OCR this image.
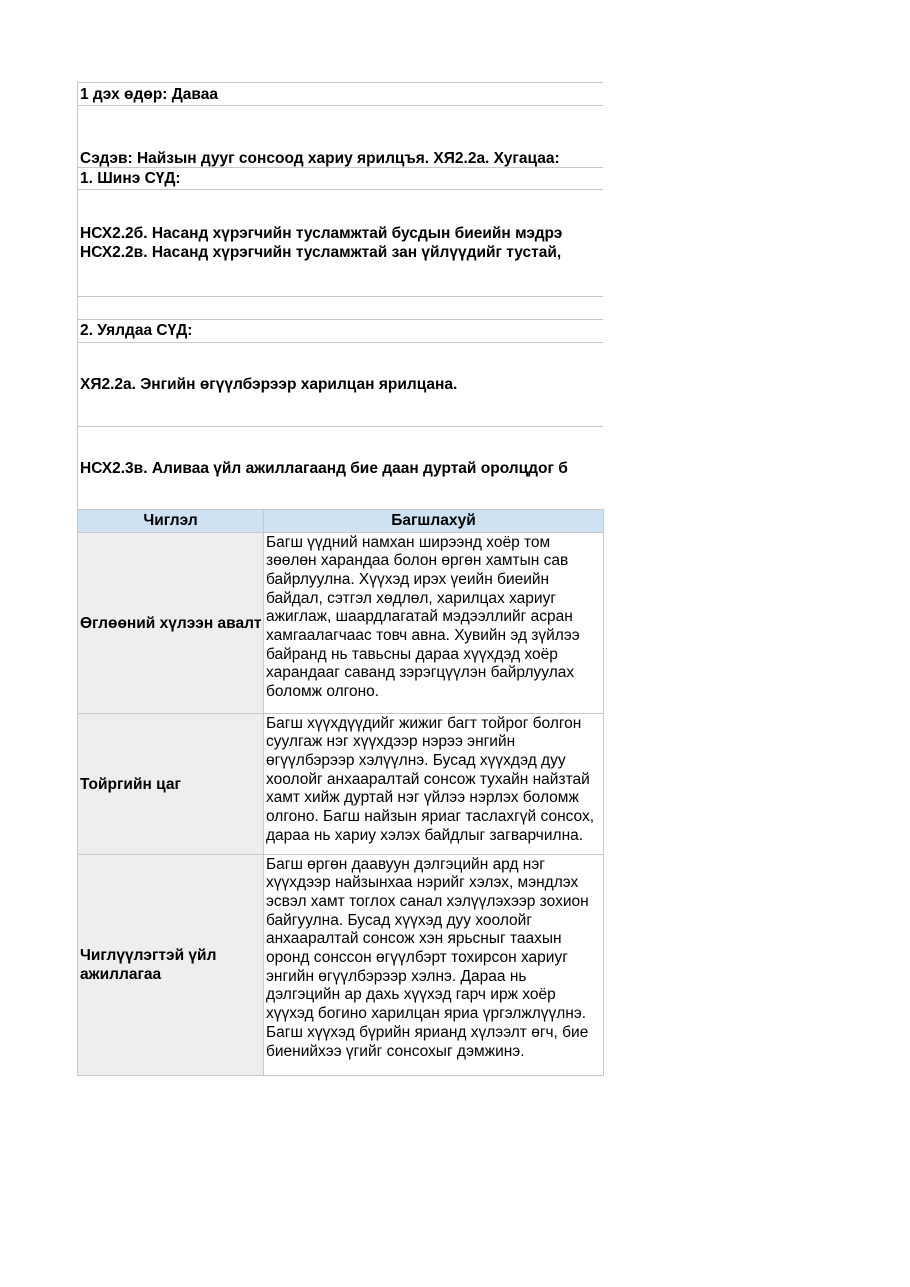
1 дэх өдөр: Даваа
Сэдэв: Найзын дууг сонсоод хариу ярилцъя. ХЯ2.2а. Хугацаа:
1. Шинэ СҮД:
НСХ2.2б. Насанд хүрэгчийн тусламжтай бусдын биеийн мэдрэ
НСХ2.2в. Насанд хүрэгчийн тусламжтай зан үйлүүдийг тустай,
2. Уялдаа СҮД:
ХЯ2.2а. Энгийн өгүүлбэрээр харилцан ярилцана.
НСХ2.3в. Аливаа үйл ажиллагаанд бие даан дуртай оролцдог б
Чиглэл	Багшлахуй
Өглөөний хүлээн авалт	Багш үүдний намхан ширээнд хоёр том зөөлөн харандаа болон өргөн хамтын сав байрлуулна. Хүүхэд ирэх үеийн биеийн байдал, сэтгэл хөдлөл, харилцах хариуг ажиглаж, шаардлагатай мэдээллийг асран хамгаалагчаас товч авна. Хувийн эд зүйлээ байранд нь тавьсны дараа хүүхдэд хоёр харандааг саванд зэрэгцүүлэн байрлуулах боломж олгоно.

Тойргийн цаг	Багш хүүхдүүдийг жижиг багт тойрог болгон суулгаж нэг хүүхдээр нэрээ энгийн өгүүлбэрээр хэлүүлнэ. Бусад хүүхдэд дуу хоолойг анхааралтай сонсож тухайн найзтай хамт хийж дуртай нэг үйлээ нэрлэх боломж олгоно. Багш найзын яриаг таслахгүй сонсох, дараа нь хариу хэлэх байдлыг загварчилна.

Чиглүүлэгтэй үйл ажиллагаа	Багш өргөн даавуун дэлгэцийн ард нэг хүүхдээр найзынхаа нэрийг хэлэх, мэндлэх эсвэл хамт тоглох санал хэлүүлэхээр зохион байгуулна. Бусад хүүхэд дуу хоолойг анхааралтай сонсож хэн ярьсныг таахын оронд сонссон өгүүлбэрт тохирсон хариуг энгийн өгүүлбэрээр хэлнэ. Дараа нь дэлгэцийн ар дахь хүүхэд гарч ирж хоёр хүүхэд богино харилцан яриа үргэлжлүүлнэ. Багш хүүхэд бүрийн ярианд хүлээлт өгч, бие биенийхээ үгийг сонсохыг дэмжинэ.
